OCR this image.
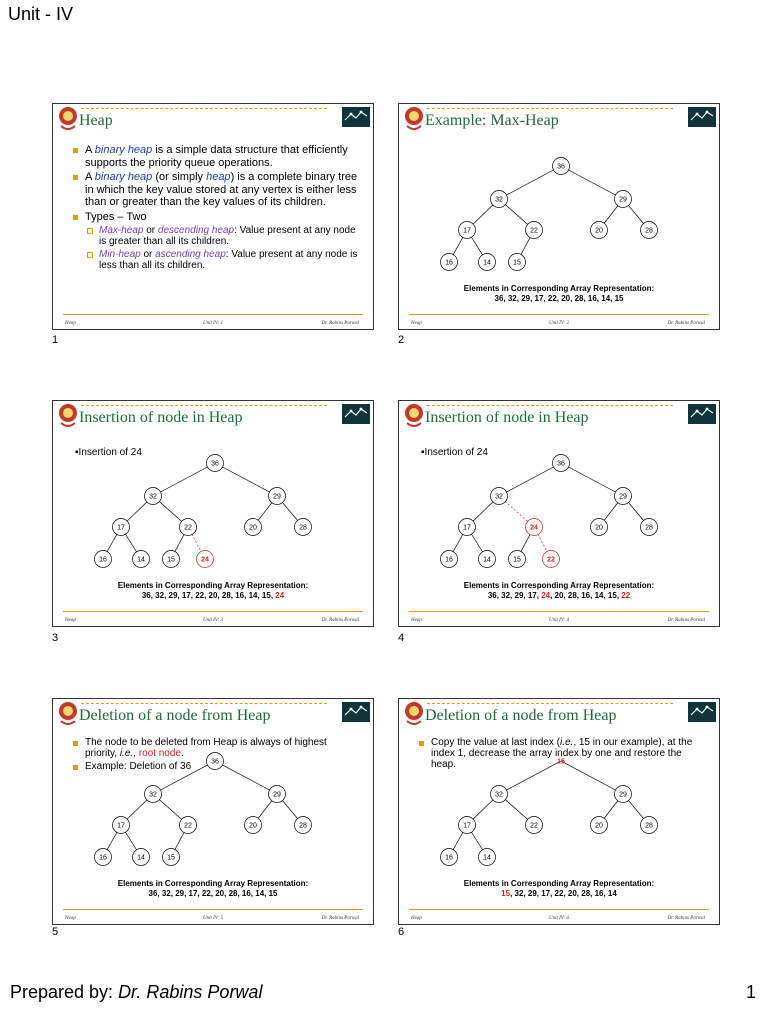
Unit - IV
Heap
A binary heap is a simple data structure that efficiently supports the priority queue operations.
A binary heap (or simply heap) is a complete binary tree in which the key value stored at any vertex is either less than or greater than the key values of its children.
Types – Two
Max-heap or descending heap: Value present at any node is greater than all its children.
Min-heap or ascending heap: Value present at any node is less than all its children.
Heap	Unit IV: 1	Dr. Rabins Porwal
1
Example: Max-Heap
36
32	29
17	22	20	28
16	14	15
Elements in Corresponding Array Representation:
36, 32, 29, 17, 22, 20, 28, 16, 14, 15
Heap	Unit IV: 2	Dr. Rabins Porwal
2
Insertion of node in Heap
▪Insertion of 24
36
32	29
17	22	20	28
16	14	15	24
Elements in Corresponding Array Representation:
36, 32, 29, 17, 22, 20, 28, 16, 14, 15, 24
Heap	Unit IV: 3	Dr. Rabins Porwal
3
Insertion of node in Heap
▪Insertion of 24
36
32	29
17	24	20	28
16	14	15	22
Elements in Corresponding Array Representation:
36, 32, 29, 17, 24, 20, 28, 16, 14, 15, 22
Heap	Unit IV: 4	Dr. Rabins Porwal
4
Deletion of a node from Heap
The node to be deleted from Heap is always of highest priority, i.e., root node.
Example: Deletion of 36	36
32	29
17	22	20	28
16	14	15
Elements in Corresponding Array Representation:
36, 32, 29, 17, 22, 20, 28, 16, 14, 15
Heap	Unit IV: 5	Dr. Rabins Porwal
5
Deletion of a node from Heap
Copy the value at last index (i.e., 15 in our example), at the index 1, decrease the array index by one and restore the heap.	15
32	29
17	22	20	28
16	14
Elements in Corresponding Array Representation:
15, 32, 29, 17, 22, 20, 28, 16, 14
Heap	Unit IV: 6	Dr. Rabins Porwal
6
Prepared by: Dr. Rabins Porwal	1
